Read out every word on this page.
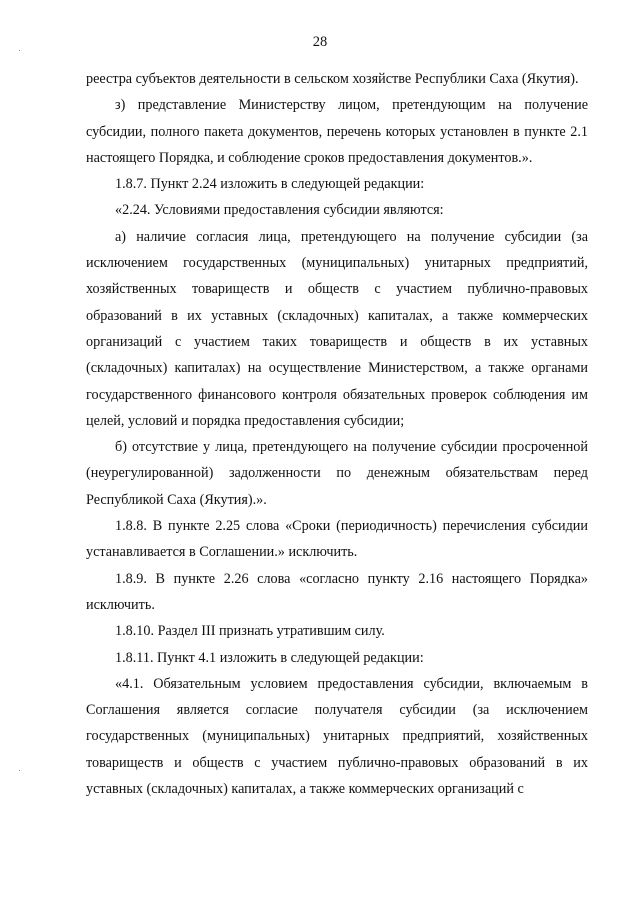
28

реестра субъектов деятельности в сельском хозяйстве Республики Саха (Якутия).

з) представление Министерству лицом, претендующим на получение субсидии, полного пакета документов, перечень которых установлен в пункте 2.1 настоящего Порядка, и соблюдение сроков предоставления документов.».

1.8.7. Пункт 2.24 изложить в следующей редакции:

«2.24. Условиями предоставления субсидии являются:

а) наличие согласия лица, претендующего на получение субсидии (за исключением государственных (муниципальных) унитарных предприятий, хозяйственных товариществ и обществ с участием публично-правовых образований в их уставных (складочных) капиталах, а также коммерческих организаций с участием таких товариществ и обществ в их уставных (складочных) капиталах) на осуществление Министерством, а также органами государственного финансового контроля обязательных проверок соблюдения им целей, условий и порядка предоставления субсидии;

б) отсутствие у лица, претендующего на получение субсидии просроченной (неурегулированной) задолженности по денежным обязательствам перед Республикой Саха (Якутия).».

1.8.8. В пункте 2.25 слова «Сроки (периодичность) перечисления субсидии устанавливается в Соглашении.» исключить.

1.8.9. В пункте 2.26 слова «согласно пункту 2.16 настоящего Порядка» исключить.

1.8.10. Раздел III признать утратившим силу.

1.8.11. Пункт 4.1 изложить в следующей редакции:

«4.1. Обязательным условием предоставления субсидии, включаемым в Соглашения является согласие получателя субсидии (за исключением государственных (муниципальных) унитарных предприятий, хозяйственных товариществ и обществ с участием публично-правовых образований в их уставных (складочных) капиталах, а также коммерческих организаций с
